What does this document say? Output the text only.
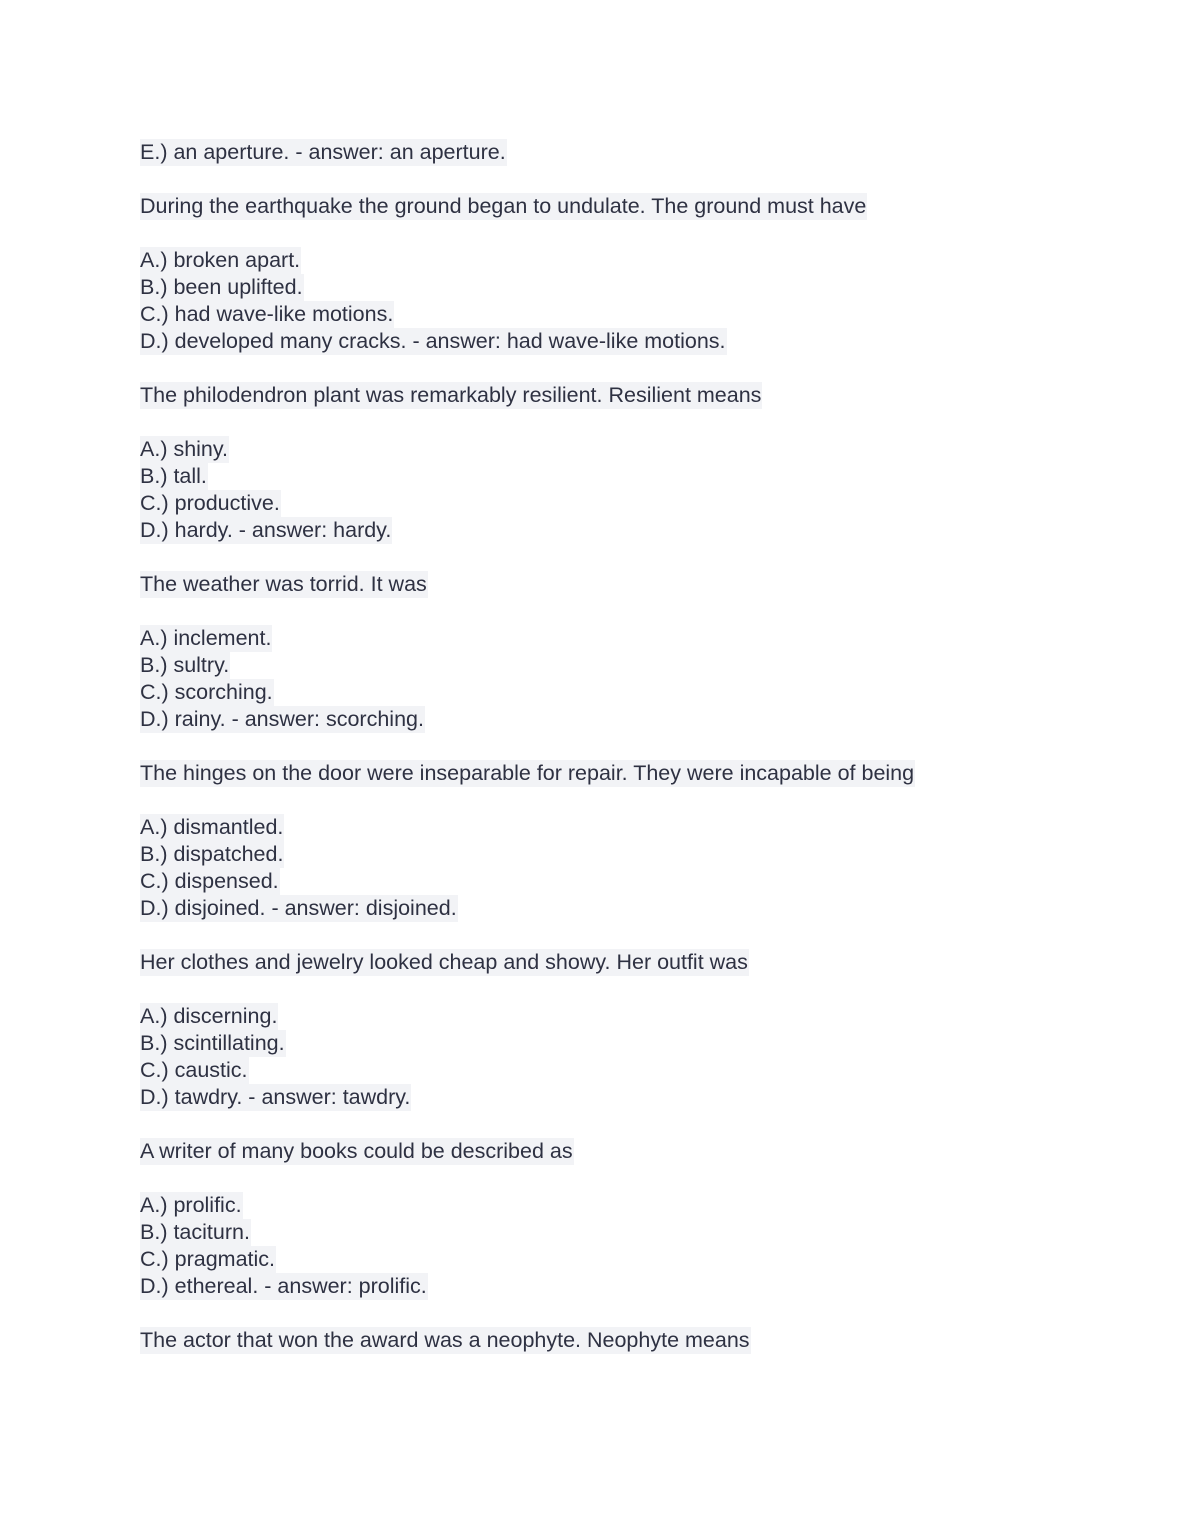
E.) an aperture. - answer: an aperture.
During the earthquake the ground began to undulate. The ground must have
A.) broken apart.
B.) been uplifted.
C.) had wave-like motions.
D.) developed many cracks. - answer: had wave-like motions.
The philodendron plant was remarkably resilient. Resilient means
A.) shiny.
B.) tall.
C.) productive.
D.) hardy. - answer: hardy.
The weather was torrid. It was
A.) inclement.
B.) sultry.
C.) scorching.
D.) rainy. - answer: scorching.
The hinges on the door were inseparable for repair. They were incapable of being
A.) dismantled.
B.) dispatched.
C.) dispensed.
D.) disjoined. - answer: disjoined.
Her clothes and jewelry looked cheap and showy. Her outfit was
A.) discerning.
B.) scintillating.
C.) caustic.
D.) tawdry. - answer: tawdry.
A writer of many books could be described as
A.) prolific.
B.) taciturn.
C.) pragmatic.
D.) ethereal. - answer: prolific.
The actor that won the award was a neophyte. Neophyte means
